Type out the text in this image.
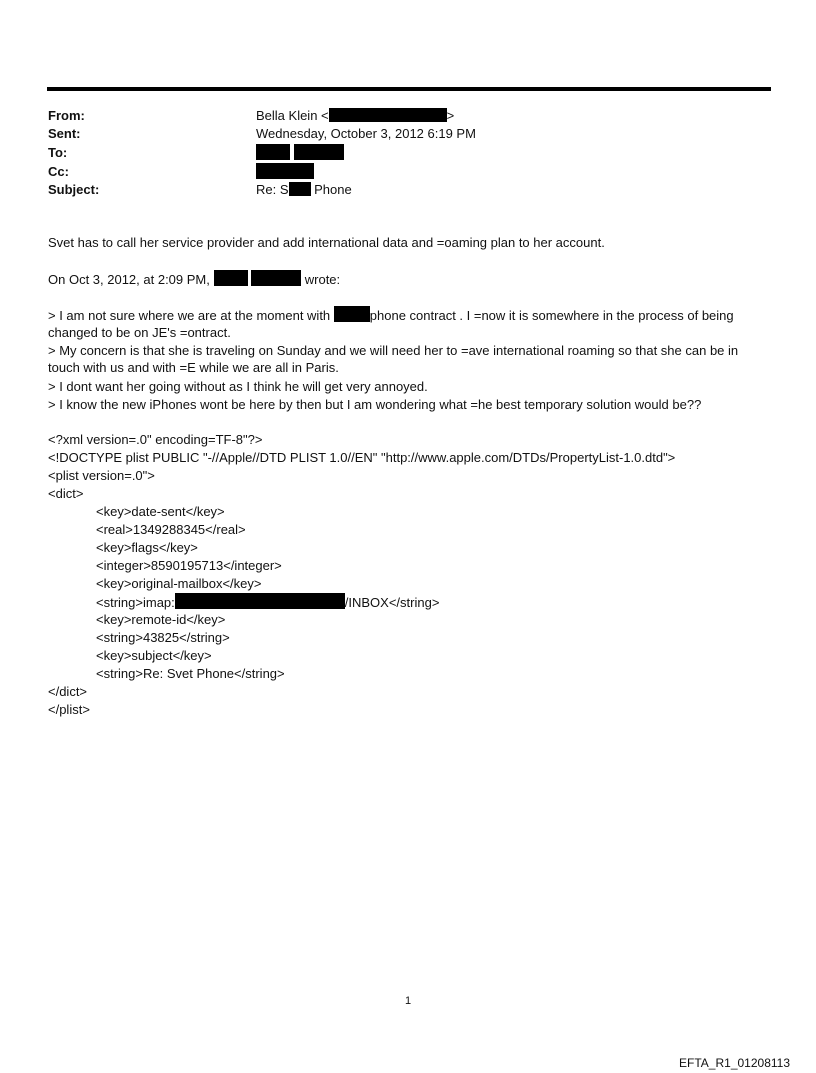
From:	Bella Klein <	>
Sent:	Wednesday, October 3, 2012 6:19 PM
To:

Cc:
Subject:	Re: S Phone
Svet has to call her service provider and add international data and =oaming plan to her account.
On Oct 3, 2012, at 2:09 PM,	wrote:
> I am not sure where we are at the moment with	phone contract . I =now it is somewhere in the process of being
changed to be on JE's =ontract.
> My concern is that she is traveling on Sunday and we will need her to =ave international roaming so that she can be in touch with us and with =E while we are all in Paris.
> I dont want her going without as I think he will get very annoyed.
> I know the new iPhones wont be here by then but I am wondering what =he best temporary solution would be??
<?xml version=.0" encoding=TF-8"?>
<!DOCTYPE plist PUBLIC "-//Apple//DTD PLIST 1.0//EN" "http://www.apple.com/DTDs/PropertyList-1.0.dtd">
<plist version=.0">
<dict>
<key>date-sent</key>
<real>1349288345</real>
<key>flags</key>
<integer>8590195713</integer>
<key>original-mailbox</key>
<string>imap:	/INBOX</string>
<key>remote-id</key>
<string>43825</string>
<key>subject</key>
<string>Re: Svet Phone</string>
</dict>
</plist>
1
EFTA_R1_01208113
